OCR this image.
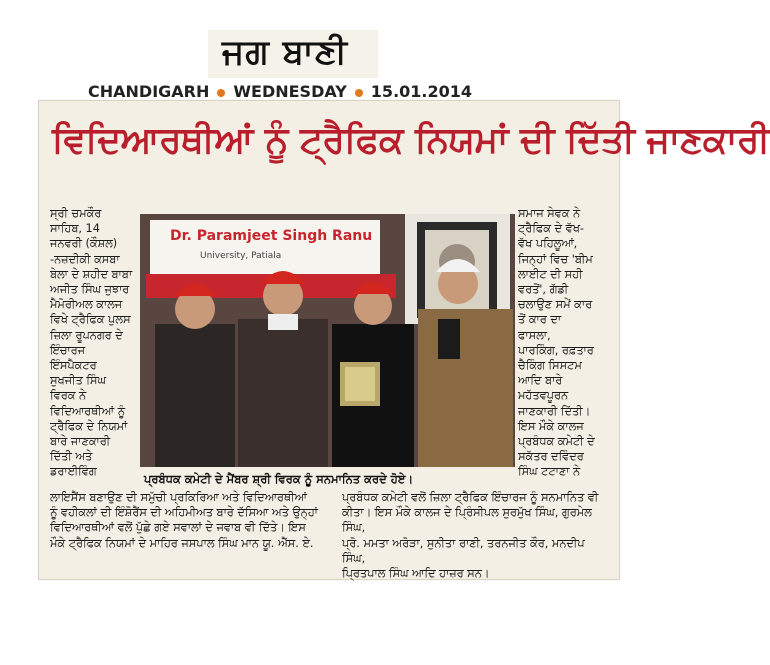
ਜਗ ਬਾਣੀ
CHANDIGARH WEDNESDAY 15.01.2014
ਵਿਦਿਆਰਥੀਆਂ ਨੂੰ ਟ੍ਰੈਫਿਕ ਨਿਯਮਾਂ ਦੀ ਦਿੱਤੀ ਜਾਣਕਾਰੀ

ਸ੍ਰੀ ਚਮਕੌਰ

ਸਾਹਿਬ, 14

ਜਨਵਰੀ (ਕੌਸ਼ਲ)

-ਨਜ਼ਦੀਕੀ ਕਸਬਾ

ਬੇਲਾ ਦੇ ਸ਼ਹੀਦ ਬਾਬਾ

ਅਜੀਤ ਸਿੰਘ ਜੁਝਾਰ

ਮੈਮੋਰੀਅਲ ਕਾਲਜ

ਵਿਖੇ ਟ੍ਰੈਫਿਕ ਪੁਲਸ

ਜ਼ਿਲਾ ਰੂਪਨਗਰ ਦੇ

ਇੰਚਾਰਜ

ਇੰਸਪੈਕਟਰ

ਸੁਖਜੀਤ ਸਿੰਘ

ਵਿਰਕ ਨੇ

ਵਿਦਿਆਰਥੀਆਂ ਨੂੰ

ਟ੍ਰੈਫਿਕ ਦੇ ਨਿਯਮਾਂ

ਬਾਰੇ ਜਾਣਕਾਰੀ

ਦਿੱਤੀ ਅਤੇ

ਡਰਾਈਵਿੰਗ

ਸਮਾਜ ਸੇਵਕ ਨੇ

ਟ੍ਰੈਫਿਕ ਦੇ ਵੱਖ-

ਵੱਖ ਪਹਿਲੂਆਂ,

ਜਿਨ੍ਹਾਂ ਵਿਚ 'ਬੀਮ

ਲਾਈਟ ਦੀ ਸਹੀ

ਵਰਤੋਂ', ਗੱਡੀ

ਚਲਾਉਣ ਸਮੇਂ ਕਾਰ

ਤੋਂ ਕਾਰ ਦਾ

ਫਾਸਲਾ,

ਪਾਰਕਿੰਗ, ਰਫ਼ਤਾਰ

ਚੈਕਿੰਗ ਸਿਸਟਮ

ਆਦਿ ਬਾਰੇ

ਮਹੱਤਵਪੂਰਨ

ਜਾਣਕਾਰੀ ਦਿੱਤੀ।

ਇਸ ਮੌਕੇ ਕਾਲਜ

ਪ੍ਰਬੰਧਕ ਕਮੇਟੀ ਦੇ

ਸਕੱਤਰ ਦਵਿੰਦਰ

ਸਿੰਘ ਟਟਾਣਾ ਨੇ

Dr. Paramjeet Singh Ranu
University, Patiala
ਪ੍ਰਬੰਧਕ ਕਮੇਟੀ ਦੇ ਮੈਂਬਰ ਸ਼੍ਰੀ ਵਿਰਕ ਨੂੰ ਸਨਮਾਨਿਤ ਕਰਦੇ ਹੋਏ।

ਲਾਇਸੈਂਸ ਬਣਾਉਣ ਦੀ ਸਮੁੱਚੀ ਪ੍ਰਕਿਰਿਆ ਅਤੇ ਵਿਦਿਆਰਥੀਆਂ

ਨੂੰ ਵਹੀਕਲਾਂ ਦੀ ਇੰਸ਼ੋਰੈਂਸ ਦੀ ਅਹਿਮੀਅਤ ਬਾਰੇ ਦੱਸਿਆ ਅਤੇ ਉਨ੍ਹਾਂ

ਵਿਦਿਆਰਥੀਆਂ ਵਲੋਂ ਪੁੱਛੇ ਗਏ ਸਵਾਲਾਂ ਦੇ ਜਵਾਬ ਵੀ ਦਿੱਤੇ। ਇਸ

ਮੌਕੇ ਟ੍ਰੈਫਿਕ ਨਿਯਮਾਂ ਦੇ ਮਾਹਿਰ ਜਸਪਾਲ ਸਿੰਘ ਮਾਨ ਯੂ. ਐੱਸ. ਏ.

ਪ੍ਰਬੰਧਕ ਕਮੇਟੀ ਵਲੋਂ ਜ਼ਿਲਾ ਟ੍ਰੈਫਿਕ ਇੰਚਾਰਜ ਨੂੰ ਸਨਮਾਨਿਤ ਵੀ

ਕੀਤਾ। ਇਸ ਮੌਕੇ ਕਾਲਜ ਦੇ ਪ੍ਰਿੰਸੀਪਲ ਸੁਰਮੁੱਖ ਸਿੰਘ, ਗੁਰਮੇਲ ਸਿੰਘ,

ਪ੍ਰੋ. ਮਮਤਾ ਅਰੋੜਾ, ਸੁਨੀਤਾ ਰਾਣੀ, ਤਰਨਜੀਤ ਕੌਰ, ਮਨਦੀਪ ਸਿੰਘ,

ਪ੍ਰਿਤਪਾਲ ਸਿੰਘ ਆਦਿ ਹਾਜ਼ਰ ਸਨ।
